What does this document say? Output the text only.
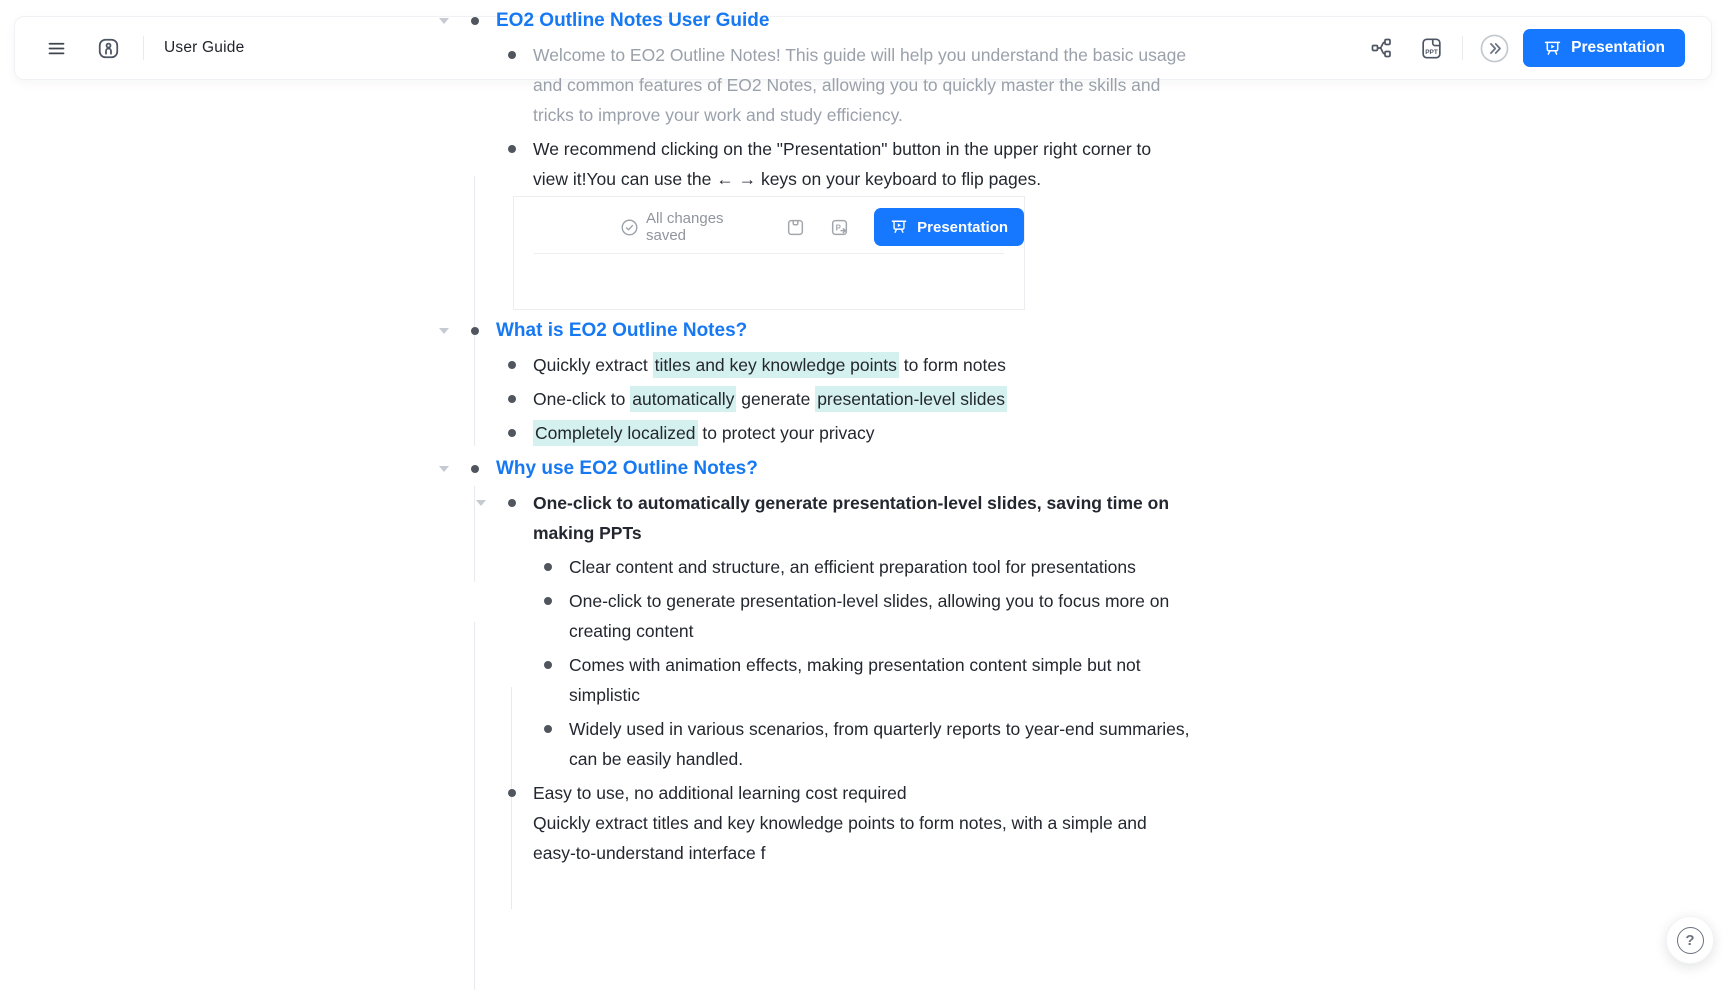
User Guide	PPT	Presentation
EO2 Outline Notes User Guide
Welcome to EO2 Outline Notes! This guide will help you understand the basic usage
and common features of EO2 Notes, allowing you to quickly master the skills and
tricks to improve your work and study efficiency.
We recommend clicking on the "Presentation" button in the upper right corner to
view it!You can use the ← → keys on your keyboard to flip pages.
All changes saved	P	Presentation
What is EO2 Outline Notes?
Quickly extract titles and key knowledge points to form notes
One-click to automatically generate presentation-level slides
Completely localized to protect your privacy
Why use EO2 Outline Notes?
One-click to automatically generate presentation-level slides, saving time on
making PPTs
Clear content and structure, an efficient preparation tool for presentations
One-click to generate presentation-level slides, allowing you to focus more on
creating content
Comes with animation effects, making presentation content simple but not
simplistic
Widely used in various scenarios, from quarterly reports to year-end summaries,
can be easily handled.
Easy to use, no additional learning cost required
Quickly extract titles and key knowledge points to form notes, with a simple and
easy-to-understand interface f
?
